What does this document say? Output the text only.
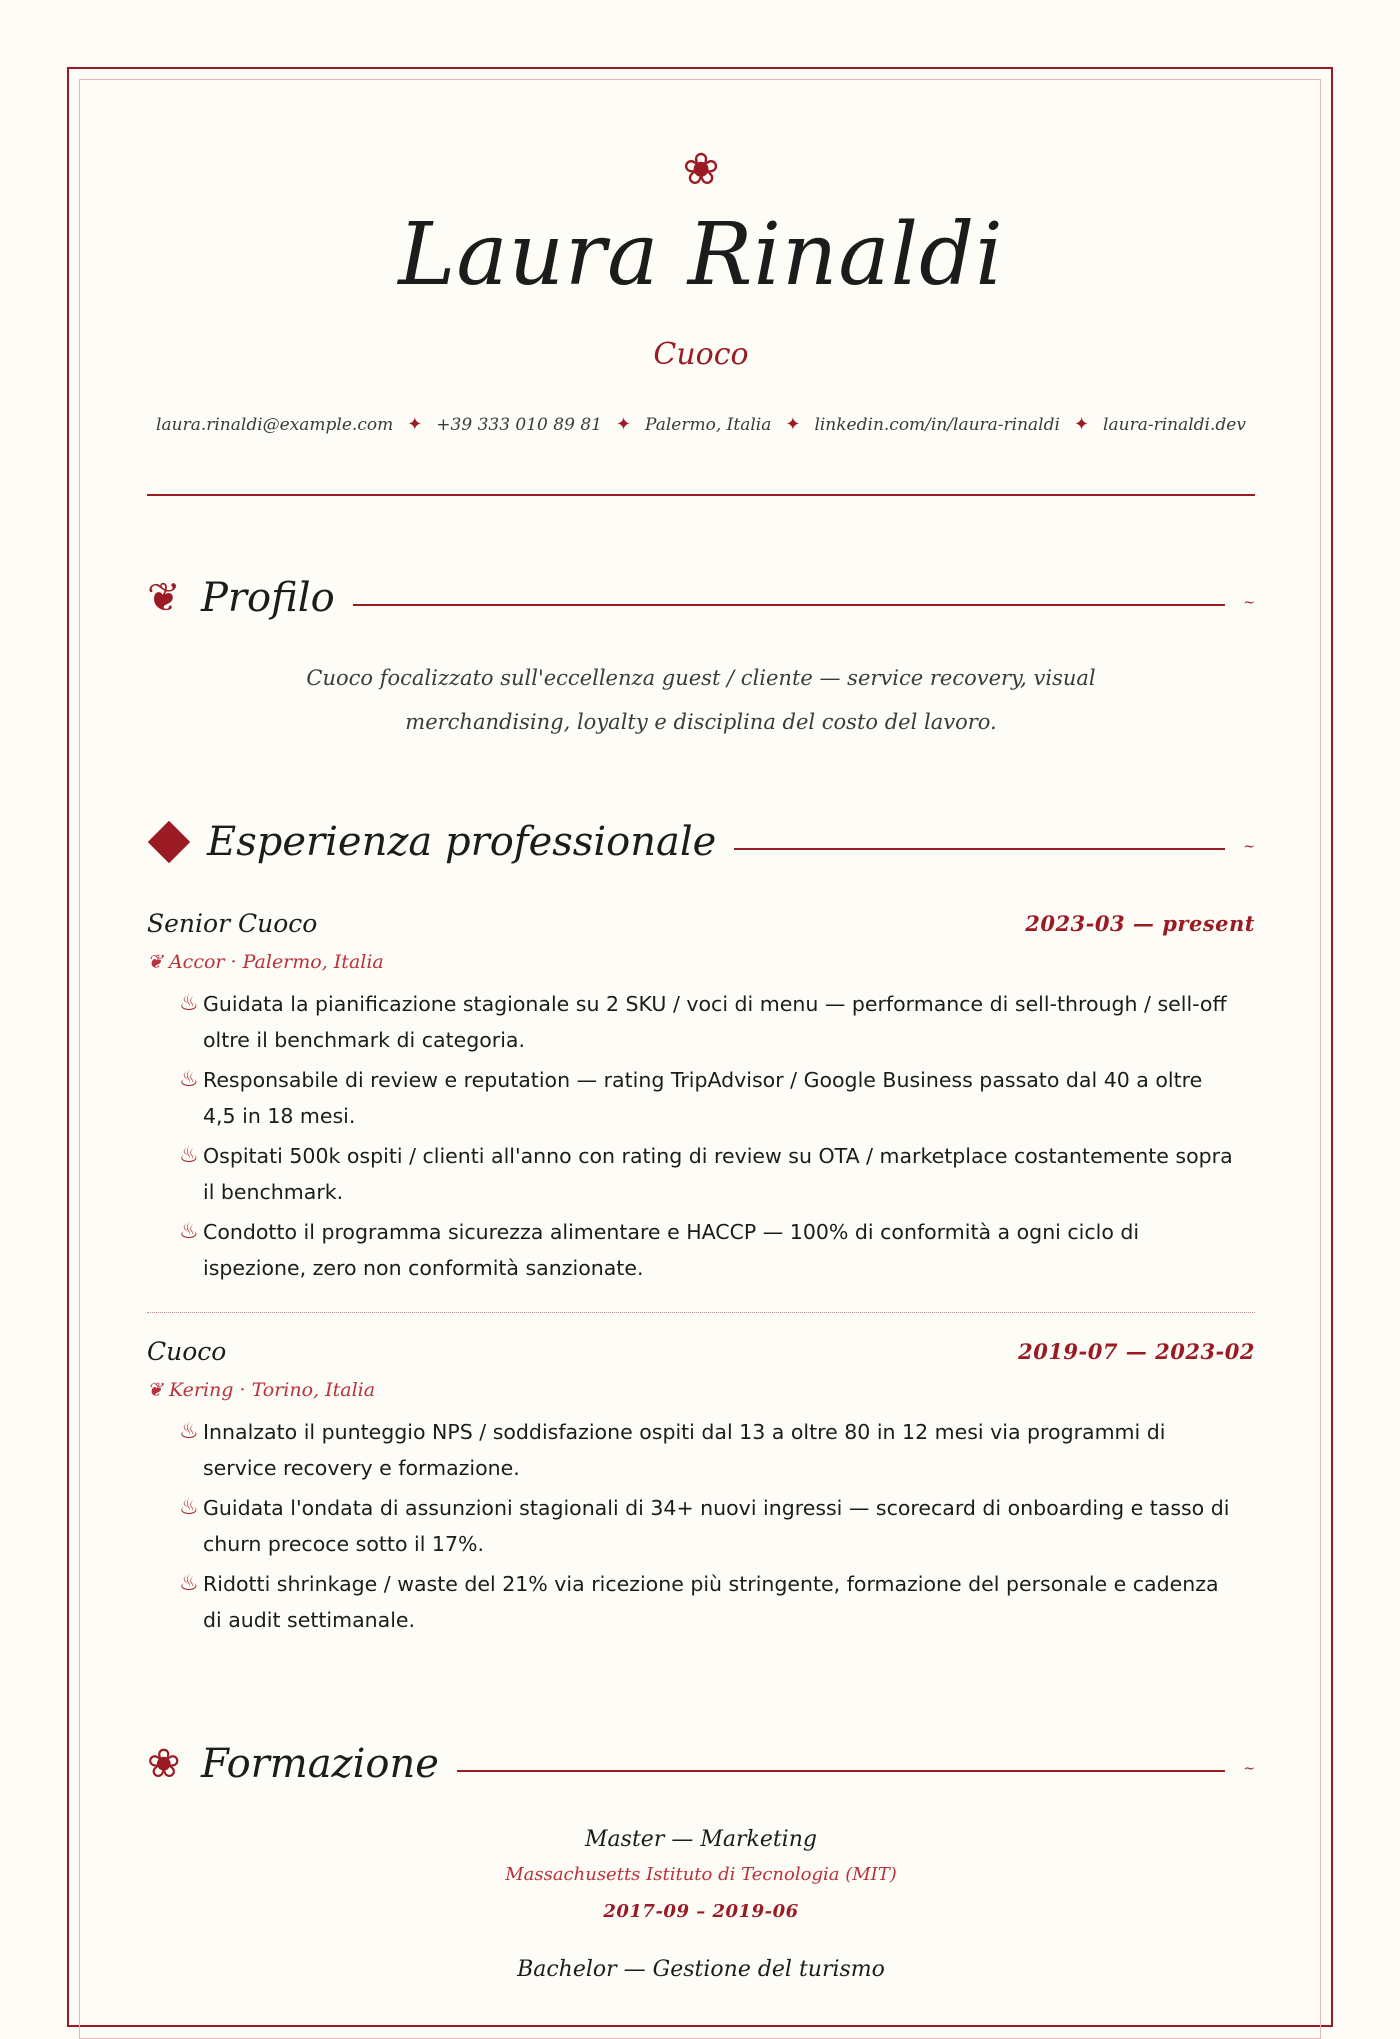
❀
Laura Rinaldi
Cuoco
laura.rinaldi@example.com ✦ +39 333 010 89 81 ✦ Palermo, Italia ✦ linkedin.com/in/laura-rinaldi ✦ laura-rinaldi.dev
❦ Profilo	~
Cuoco focalizzato sull'eccellenza guest / cliente — service recovery, visual merchandising, loyalty e disciplina del costo del lavoro.
Esperienza professionale	~
Senior Cuoco	2023-03 — present
❦ Accor · Palermo, Italia
♨ Guidata la pianificazione stagionale su 2 SKU / voci di menu — performance di sell-through / sell-off oltre il benchmark di categoria.
♨ Responsabile di review e reputation — rating TripAdvisor / Google Business passato dal 40 a oltre 4,5 in 18 mesi.
♨ Ospitati 500k ospiti / clienti all'anno con rating di review su OTA / marketplace costantemente sopra il benchmark.
♨ Condotto il programma sicurezza alimentare e HACCP — 100% di conformità a ogni ciclo di ispezione, zero non conformità sanzionate.
Cuoco	2019-07 — 2023-02
❦ Kering · Torino, Italia
♨ Innalzato il punteggio NPS / soddisfazione ospiti dal 13 a oltre 80 in 12 mesi via programmi di service recovery e formazione.
♨ Guidata l'ondata di assunzioni stagionali di 34+ nuovi ingressi — scorecard di onboarding e tasso di churn precoce sotto il 17%.
♨ Ridotti shrinkage / waste del 21% via ricezione più stringente, formazione del personale e cadenza di audit settimanale.
❀ Formazione	~
Master — Marketing
Massachusetts Istituto di Tecnologia (MIT)
2017-09 – 2019-06
Bachelor — Gestione del turismo
